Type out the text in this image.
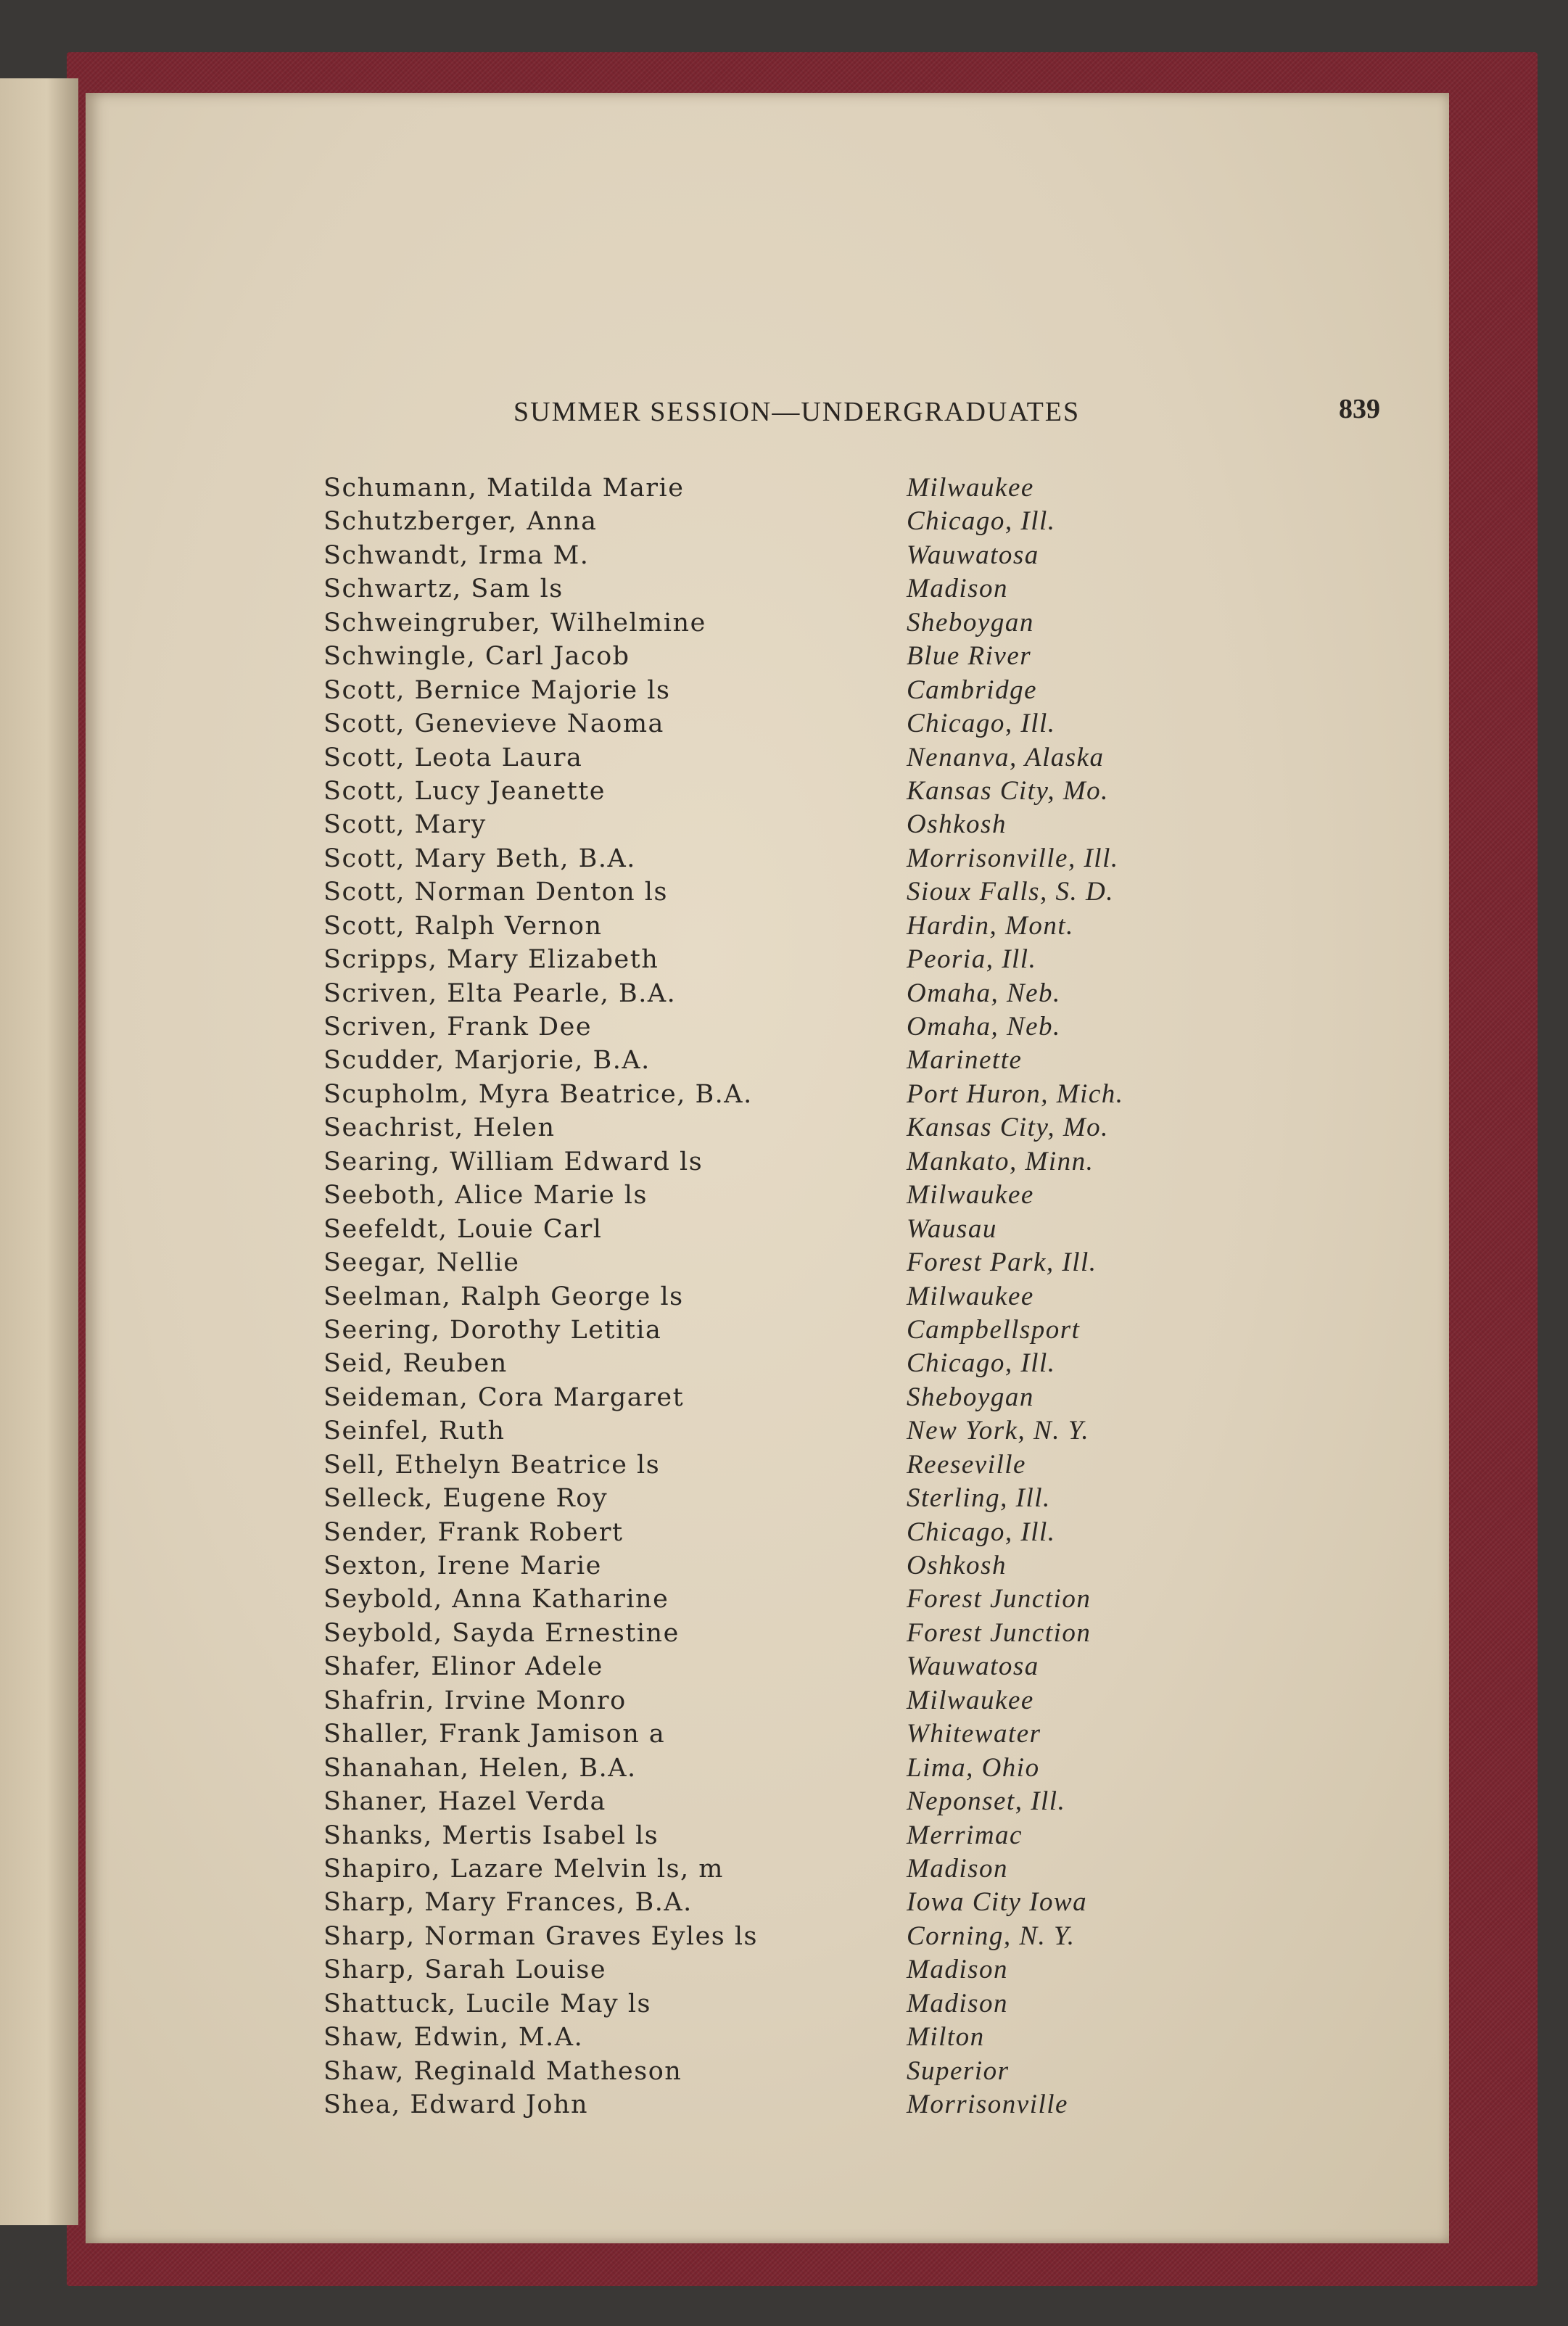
SUMMER SESSION—UNDERGRADUATES	839
Schumann, Matilda Marie	Milwaukee
Schutzberger, Anna	Chicago, Ill.
Schwandt, Irma M.	Wauwatosa
Schwartz, Sam ls	Madison
Schweingruber, Wilhelmine	Sheboygan
Schwingle, Carl Jacob	Blue River
Scott, Bernice Majorie ls	Cambridge
Scott, Genevieve Naoma	Chicago, Ill.
Scott, Leota Laura	Nenanva, Alaska
Scott, Lucy Jeanette	Kansas City, Mo.
Scott, Mary	Oshkosh
Scott, Mary Beth, B.A.	Morrisonville, Ill.
Scott, Norman Denton ls	Sioux Falls, S. D.
Scott, Ralph Vernon	Hardin, Mont.
Scripps, Mary Elizabeth	Peoria, Ill.
Scriven, Elta Pearle, B.A.	Omaha, Neb.
Scriven, Frank Dee	Omaha, Neb.
Scudder, Marjorie, B.A.	Marinette
Scupholm, Myra Beatrice, B.A.	Port Huron, Mich.
Seachrist, Helen	Kansas City, Mo.
Searing, William Edward ls	Mankato, Minn.
Seeboth, Alice Marie ls	Milwaukee
Seefeldt, Louie Carl	Wausau
Seegar, Nellie	Forest Park, Ill.
Seelman, Ralph George ls	Milwaukee
Seering, Dorothy Letitia	Campbellsport
Seid, Reuben	Chicago, Ill.
Seideman, Cora Margaret	Sheboygan
Seinfel, Ruth	New York, N. Y.
Sell, Ethelyn Beatrice ls	Reeseville
Selleck, Eugene Roy	Sterling, Ill.
Sender, Frank Robert	Chicago, Ill.
Sexton, Irene Marie	Oshkosh
Seybold, Anna Katharine	Forest Junction
Seybold, Sayda Ernestine	Forest Junction
Shafer, Elinor Adele	Wauwatosa
Shafrin, Irvine Monro	Milwaukee
Shaller, Frank Jamison a	Whitewater
Shanahan, Helen, B.A.	Lima, Ohio
Shaner, Hazel Verda	Neponset, Ill.
Shanks, Mertis Isabel ls	Merrimac
Shapiro, Lazare Melvin ls, m	Madison
Sharp, Mary Frances, B.A.	Iowa City Iowa
Sharp, Norman Graves Eyles ls	Corning, N. Y.
Sharp, Sarah Louise	Madison
Shattuck, Lucile May ls	Madison
Shaw, Edwin, M.A.	Milton
Shaw, Reginald Matheson	Superior
Shea, Edward John	Morrisonville
